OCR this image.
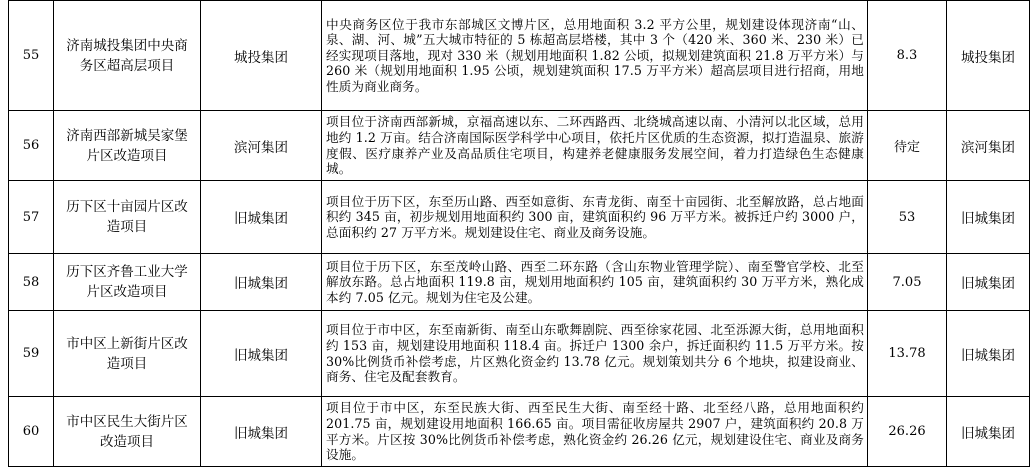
55	济南城投集团中央商务区超高层项目	城投集团	中央商务区位于我市东部城区文博片区，总用地面积 3.2 平方公里，规划建设体现济南“山、泉、湖、河、城”五大城市特征的 5 栋超高层塔楼，其中 3 个（420 米、360 米、230 米）已经实现项目落地，现对 330 米（规划用地面积 1.82 公顷，拟规划建筑面积 21.8 万平方米）与 260 米（规划用地面积 1.95 公顷，规划建筑面积 17.5 万平方米）超高层项目进行招商，用地性质为商业商务。	8.3	城投集团
56	济南西部新城吴家堡片区改造项目	滨河集团	项目位于济南西部新城，京福高速以东、二环西路西、北绕城高速以南、小清河以北区域，总用地约 1.2 万亩。结合济南国际医学科学中心项目，依托片区优质的生态资源，拟打造温泉、旅游度假、医疗康养产业及高品质住宅项目，构建养老健康服务发展空间，着力打造绿色生态健康城。	待定	滨河集团
57	历下区十亩园片区改造项目	旧城集团	项目位于历下区，东至历山路、西至如意街、东青龙街、南至十亩园街、北至解放路，总占地面积约 345 亩，初步规划用地面积约 300 亩，建筑面积约 96 万平方米。被拆迁户约 3000 户，总面积约 27 万平方米。规划建设住宅、商业及商务设施。	53	旧城集团
58	历下区齐鲁工业大学片区改造项目	旧城集团	项目位于历下区，东至茂岭山路、西至二环东路（含山东物业管理学院）、南至警官学校、北至解放东路。总占地面积 119.8 亩，规划用地面积约 105 亩，建筑面积约 30 万平方米，熟化成本约 7.05 亿元。规划为住宅及公建。	7.05	旧城集团
59	市中区上新街片区改造项目	旧城集团	项目位于市中区，东至南新街、南至山东歌舞剧院、西至徐家花园、北至泺源大街，总用地面积约 153 亩，规划建设用地面积 118.4 亩。拆迁户 1300 余户，拆迁面积约 11.5 万平方米。按 30%比例货币补偿考虑，片区熟化资金约 13.78 亿元。规划策划共分 6 个地块，拟建设商业、商务、住宅及配套教育。	13.78	旧城集团
60	市中区民生大街片区改造项目	旧城集团	项目位于市中区，东至民族大街、西至民生大街、南至经十路、北至经八路，总用地面积约 201.75 亩，规划建设用地面积 166.65 亩。项目需征收房屋共 2907 户，建筑面积约 20.8 万平方米。片区按 30%比例货币补偿考虑，熟化资金约 26.26 亿元，规划建设住宅、商业及商务设施。	26.26	旧城集团
